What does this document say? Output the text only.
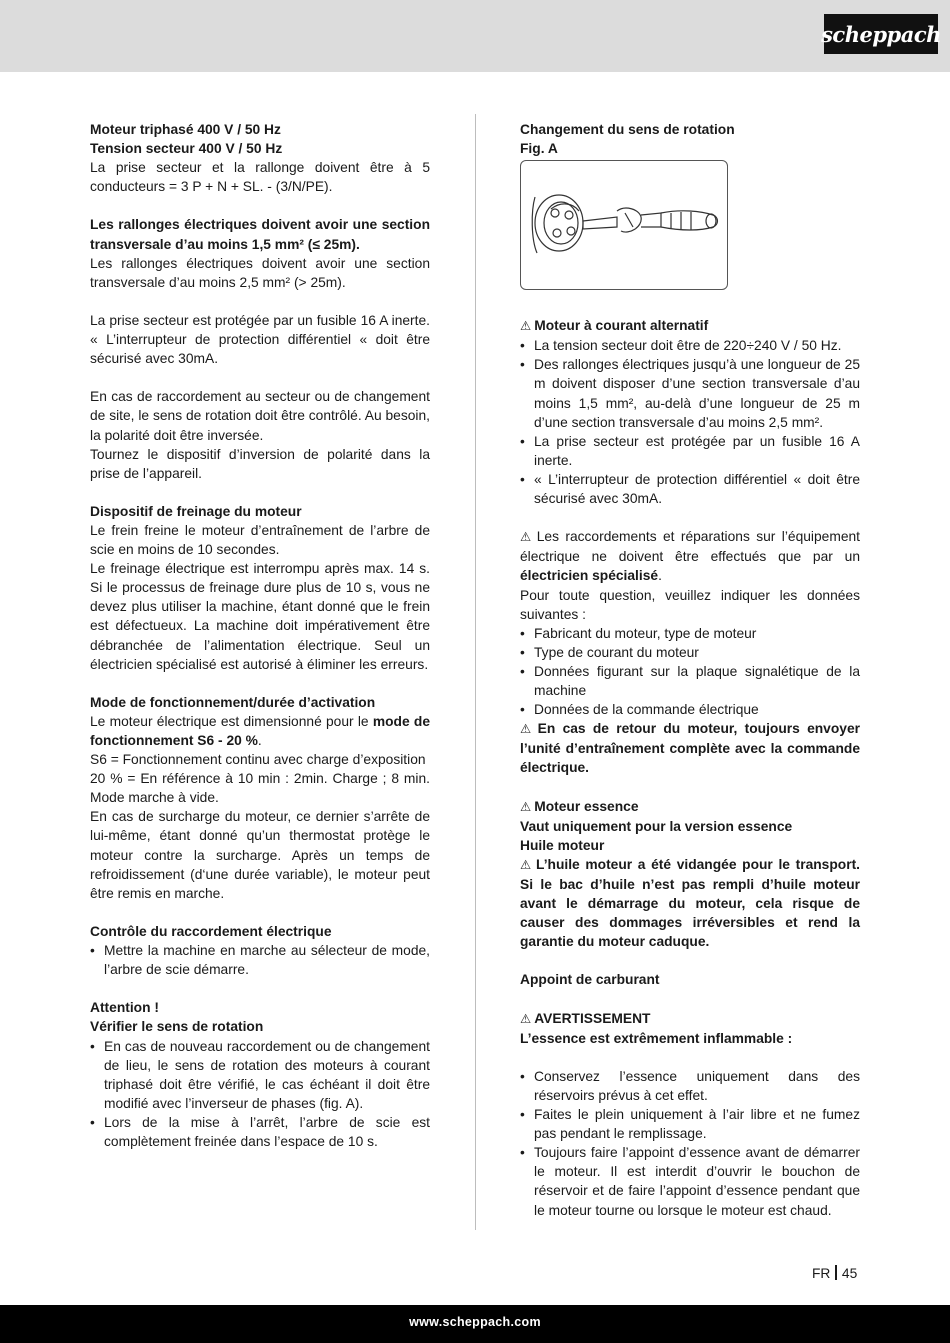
scheppach

Moteur triphasé 400 V / 50 Hz

Tension secteur 400 V / 50 Hz

La prise secteur et la rallonge doivent être à 5 conducteurs = 3 P + N + SL. - (3/N/PE).

Les rallonges électriques doivent avoir une section transversale d’au moins 1,5 mm² (≤ 25m).

Les rallonges électriques doivent avoir une section transversale d’au moins 2,5 mm² (> 25m).

La prise secteur est protégée par un fusible 16 A inerte. « L’interrupteur de protection différentiel « doit être sécurisé avec 30mA.

En cas de raccordement au secteur ou de changement de site, le sens de rotation doit être contrôlé. Au besoin, la polarité doit être inversée.

Tournez le dispositif d’inversion de polarité dans la prise de l’appareil.

Dispositif de freinage du moteur

Le frein freine le moteur d’entraînement de l’arbre de scie en moins de 10 secondes.

Le freinage électrique est interrompu après max. 14 s. Si le processus de freinage dure plus de 10 s, vous ne devez plus utiliser la machine, étant donné que le frein est défectueux. La machine doit impérativement être débranchée de l’alimentation électrique. Seul un électricien spécialisé est autorisé à éliminer les erreurs.

Mode de fonctionnement/durée d’activation

Le moteur électrique est dimensionné pour le mode de fonctionnement S6 - 20 %.

S6 = Fonctionnement continu avec charge d’exposition

20 % = En référence à 10 min : 2min. Charge ; 8 min. Mode marche à vide.

En cas de surcharge du moteur, ce dernier s’arrête de lui-même, étant donné qu’un thermostat protège le moteur contre la surcharge. Après un temps de refroidissement (d‘une durée variable), le moteur peut être remis en marche.

Contrôle du raccordement électrique

• Mettre la machine en marche au sélecteur de mode, l’arbre de scie démarre.

Attention !

Vérifier le sens de rotation

• En cas de nouveau raccordement ou de changement de lieu, le sens de rotation des moteurs à courant triphasé doit être vérifié, le cas échéant il doit être modifié avec l’inverseur de phases (fig. A).
• Lors de la mise à l’arrêt, l’arbre de scie est complètement freinée dans l’espace de 10 s.

Changement du sens de rotation

Fig. A

⚠ Moteur à courant alternatif

• La tension secteur doit être de 220÷240 V / 50 Hz.
• Des rallonges électriques jusqu’à une longueur de 25 m doivent disposer d’une section transversale d’au moins 1,5 mm², au-delà d’une longueur de 25 m d’une section transversale d’au moins 2,5 mm².
• La prise secteur est protégée par un fusible 16 A inerte.
• « L’interrupteur de protection différentiel « doit être sécurisé avec 30mA.

⚠ Les raccordements et réparations sur l’équipement électrique ne doivent être effectués que par un électricien spécialisé.

Pour toute question, veuillez indiquer les données suivantes :

• Fabricant du moteur, type de moteur
• Type de courant du moteur
• Données figurant sur la plaque signalétique de la machine
• Données de la commande électrique

⚠ En cas de retour du moteur, toujours envoyer l’unité d’entraînement complète avec la commande électrique.

⚠ Moteur essence

Vaut uniquement pour la version essence

Huile moteur

⚠ L’huile moteur a été vidangée pour le transport. Si le bac d’huile n’est pas rempli d’huile moteur avant le démarrage du moteur, cela risque de causer des dommages irréversibles et rend la garantie du moteur caduque.

Appoint de carburant

⚠ AVERTISSEMENT

L’essence est extrêmement inflammable :

• Conservez l’essence uniquement dans des réservoirs prévus à cet effet.
• Faites le plein uniquement à l’air libre et ne fumez pas pendant le remplissage.
• Toujours faire l’appoint d’essence avant de démarrer le moteur. Il est interdit d’ouvrir le bouchon de réservoir et de faire l’appoint d’essence pendant que le moteur tourne ou lorsque le moteur est chaud.
FR 45
www.scheppach.com
